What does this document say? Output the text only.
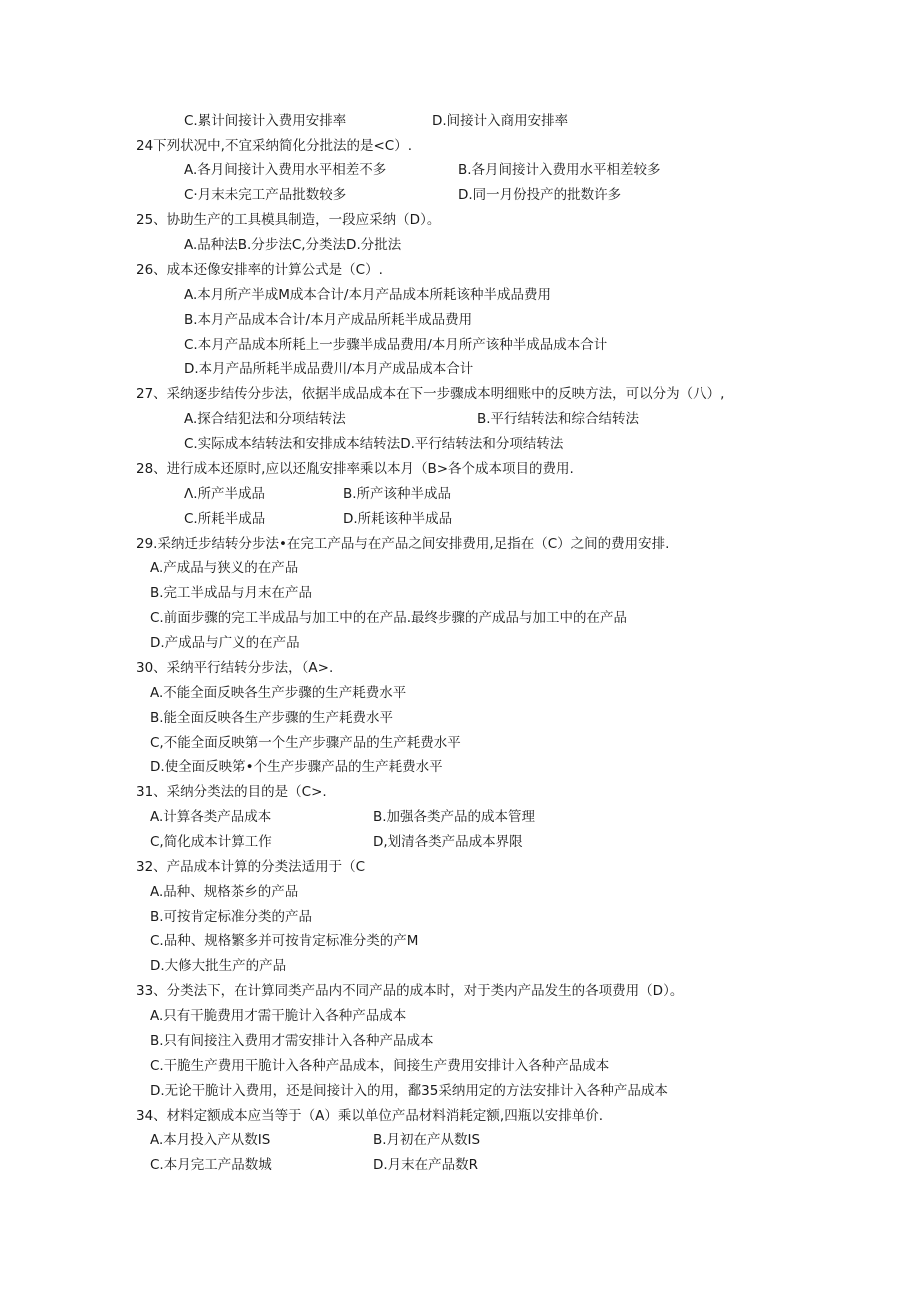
C.累计间接计入费用安排率	D.间接计入商用安排率
24下列状况中,不宜采纳简化分批法的是<C）.
A.各月间接计入费用水平相差不多	B.各月间接计入费用水平相差较多
C·月末未完工产品批数较多	D.同一月份投产的批数许多
25、协助生产的工具模具制造，一段应采纳（D）。
A.品种法B.分步法C,分类法D.分批法
26、成本还像安排率的计算公式是（C）.
A.本月所产半成M成本合计/本月产品成本所耗该种半成品费用
B.本月产品成本合计/本月产成品所耗半成品费用
C.本月产品成本所耗上一步骤半成品费用/本月所产该种半成品成本合计
D.本月产品所耗半成品费川/本月产成品成本合计
27、采纳逐步结传分步法，依据半成品成本在下一步骤成本明细账中的反映方法，可以分为（八）,
A.探合结犯法和分项结转法	B.平行结转法和综合结转法
C.实际成本结转法和安排成本结转法D.平行结转法和分项结转法
28、进行成本还原时,应以还胤安排率乘以本月（B>各个成本项目的费用.
Λ.所产半成品	B.所产该种半成品
C.所耗半成品	D.所耗该种半成品
29.采纳迁步结转分步法•在完工产品与在产品之间安排费用,足指在（C）之间的费用安排.
A.产成品与狭义的在产品
B.完工半成品与月末在产品
C.前面步骤的完工半成品与加工中的在产品.最终步骤的产成品与加工中的在产品
D.产成品与广义的在产品
30、采纳平行结转分步法，（A>.
A.不能全面反映各生产步骤的生产耗费水平
B.能全面反映各生产步骤的生产耗费水平
C,不能全面反映第一个生产步骤产品的生产耗费水平
D.使全面反映笫•个生产步骤产品的生产耗费水平
31、采纳分类法的目的是（C>.
A.计算各类产品成本	B.加强各类产品的成本管理
C,简化成本计算工作	D,划清各类产品成本界限
32、产品成本计算的分类法适用于（C
A.品种、规格茶乡的产品
B.可按肯定标准分类的产品
C.品种、规格繁多并可按肯定标准分类的产M
D.大修大批生产的产品
33、分类法下，在计算同类产品内不同产品的成本时，对于类内产品发生的各项费用（D）。
A.只有干脆费用才需干脆计入各种产品成本
B.只有间接注入费用才需安排计入各种产品成本
C.干脆生产费用干脆计入各种产品成本，间接生产费用安排计入各种产品成本
D.无论干脆计入费用，还是间接计入的用，鄱35采纳用定的方法安排计入各种产品成本
34、材料定额成本应当等于（A）乘以单位产品材料消耗定额,四瓶以安排单价.
A.本月投入产从数IS	B.月初在产从数IS
C.本月完工产品数城	D.月末在产品数R
